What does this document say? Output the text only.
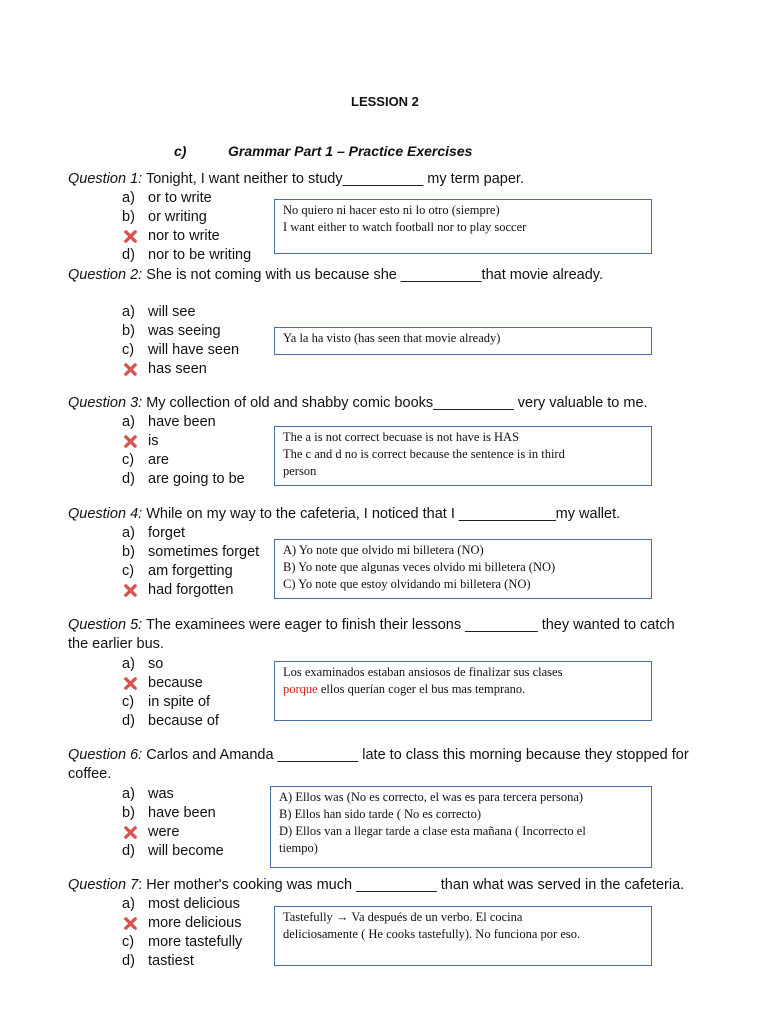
LESSION 2
c)	Grammar Part 1 – Practice Exercises
Question 1: Tonight, I want neither to study__________ my term paper.
a) or to write
b) or writing
nor to write
d) nor to be writing
No quiero ni hacer esto ni lo otro (siempre)
I want either to watch football nor to play soccer
Question 2: She is not coming with us because she __________that movie already.
a) will see
b) was seeing
c) will have seen
has seen
Ya la ha visto (has seen that movie already)
Question 3: My collection of old and shabby comic books__________ very valuable to me.
a) have been
is
c) are
d) are going to be
The a is not correct becuase is not have is HAS
The c and d no is correct because the sentence is in third
person
Question 4: While on my way to the cafeteria, I noticed that I ____________my wallet.
a) forget
b) sometimes forget
c) am forgetting
had forgotten
A) Yo note que olvido mi billetera (NO)
B) Yo note que algunas veces olvido mi billetera (NO)
C) Yo note que estoy olvidando mi billetera (NO)
Question 5: The examinees were eager to finish their lessons _________ they wanted to catch
the earlier bus.
a) so
because
c) in spite of
d) because of
Los examinados estaban ansiosos de finalizar sus clases
porque ellos querían coger el bus mas temprano.
Question 6: Carlos and Amanda __________ late to class this morning because they stopped for
coffee.
a) was
b) have been
were
d) will become
A) Ellos was (No es correcto, el was es para tercera persona)
B) Ellos han sido tarde ( No es correcto)
D) Ellos van a llegar tarde a clase esta mañana ( Incorrecto el
tiempo)
Question 7: Her mother's cooking was much __________ than what was served in the cafeteria.
a) most delicious
more delicious
c) more tastefully
d) tastiest
Tastefully → Va después de un verbo. El cocina
deliciosamente ( He cooks tastefully). No funciona por eso.
